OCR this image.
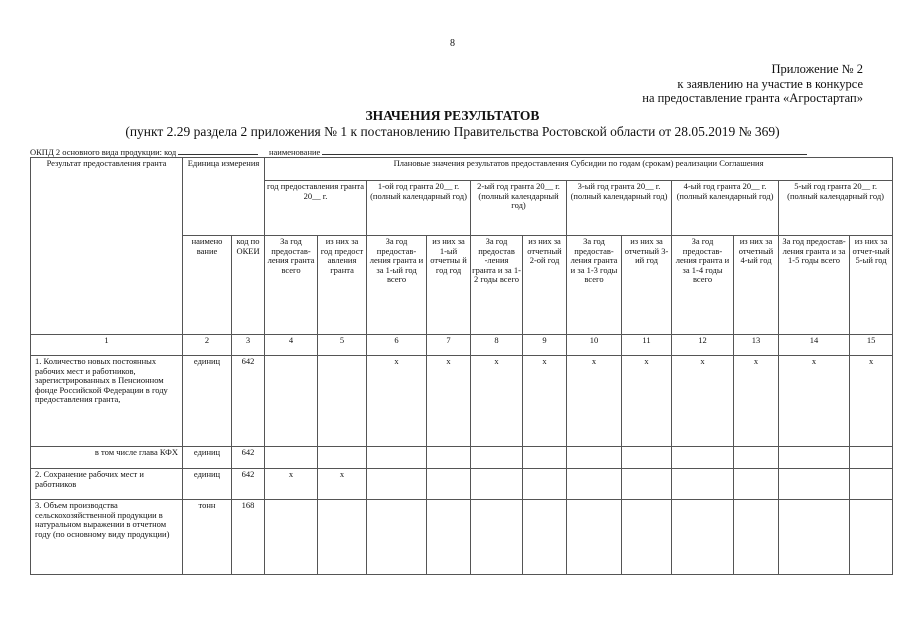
8
Приложение № 2
к заявлению на участие в конкурсе
на предоставление гранта «Агростартап»
ЗНАЧЕНИЯ РЕЗУЛЬТАТОВ
(пункт 2.29 раздела 2 приложения № 1 к постановлению Правительства Ростовской области от 28.05.2019 № 369)
ОКПД 2 основного вида продукции: код	наименование
Результат предоставления гранта	Единица измерения		Плановые значения результатов предоставления Субсидии по годам (срокам) реализации Соглашения											
			год предоставления гранта 20__ г.		1-ой год гранта 20__ г. (полный календарный год)		2-ый год гранта 20__ г. (полный календарный год)		3-ый год гранта 20__ г. (полный календарный год)		4-ый год гранта 20__ г. (полный календарный год)		5-ый год гранта 20__ г. (полный календарный год)	
	наимено вание	код по ОКЕИ	За год предостав-ления гранта всего	из них за год предост авления гранта	За год предостав-ления гранта и за 1-ый год всего	из них за 1-ый отчетны й год год	За год предостав -ления гранта и за 1-2 годы всего	из них за отчетный 2-ой год	За год предостав-ления гранта и за 1-3 годы всего	из них за отчетный 3-ий год	За год предостав-ления гранта и за 1-4 годы всего	из них за отчетный 4-ый год	За год предостав-ления гранта и за 1-5 годы всего	из них за отчет-ный 5-ый год
1	2	3	4	5	6	7	8	9	10	11	12	13	14	15
1. Количество новых постоянных рабочих мест и работников, зарегистрированных в Пенсионном фонде Российской Федерации в году предоставления гранта,	единиц	642			x	x	x	x	x	x	x	x	x	x
в том числе глава КФХ	единиц	642												
2. Сохранение рабочих мест и работников	единиц	642	x	x										
3. Объем производства сельскохозяйственной продукции в натуральном выражении в отчетном году (по основному виду продукции)	тонн	168												
